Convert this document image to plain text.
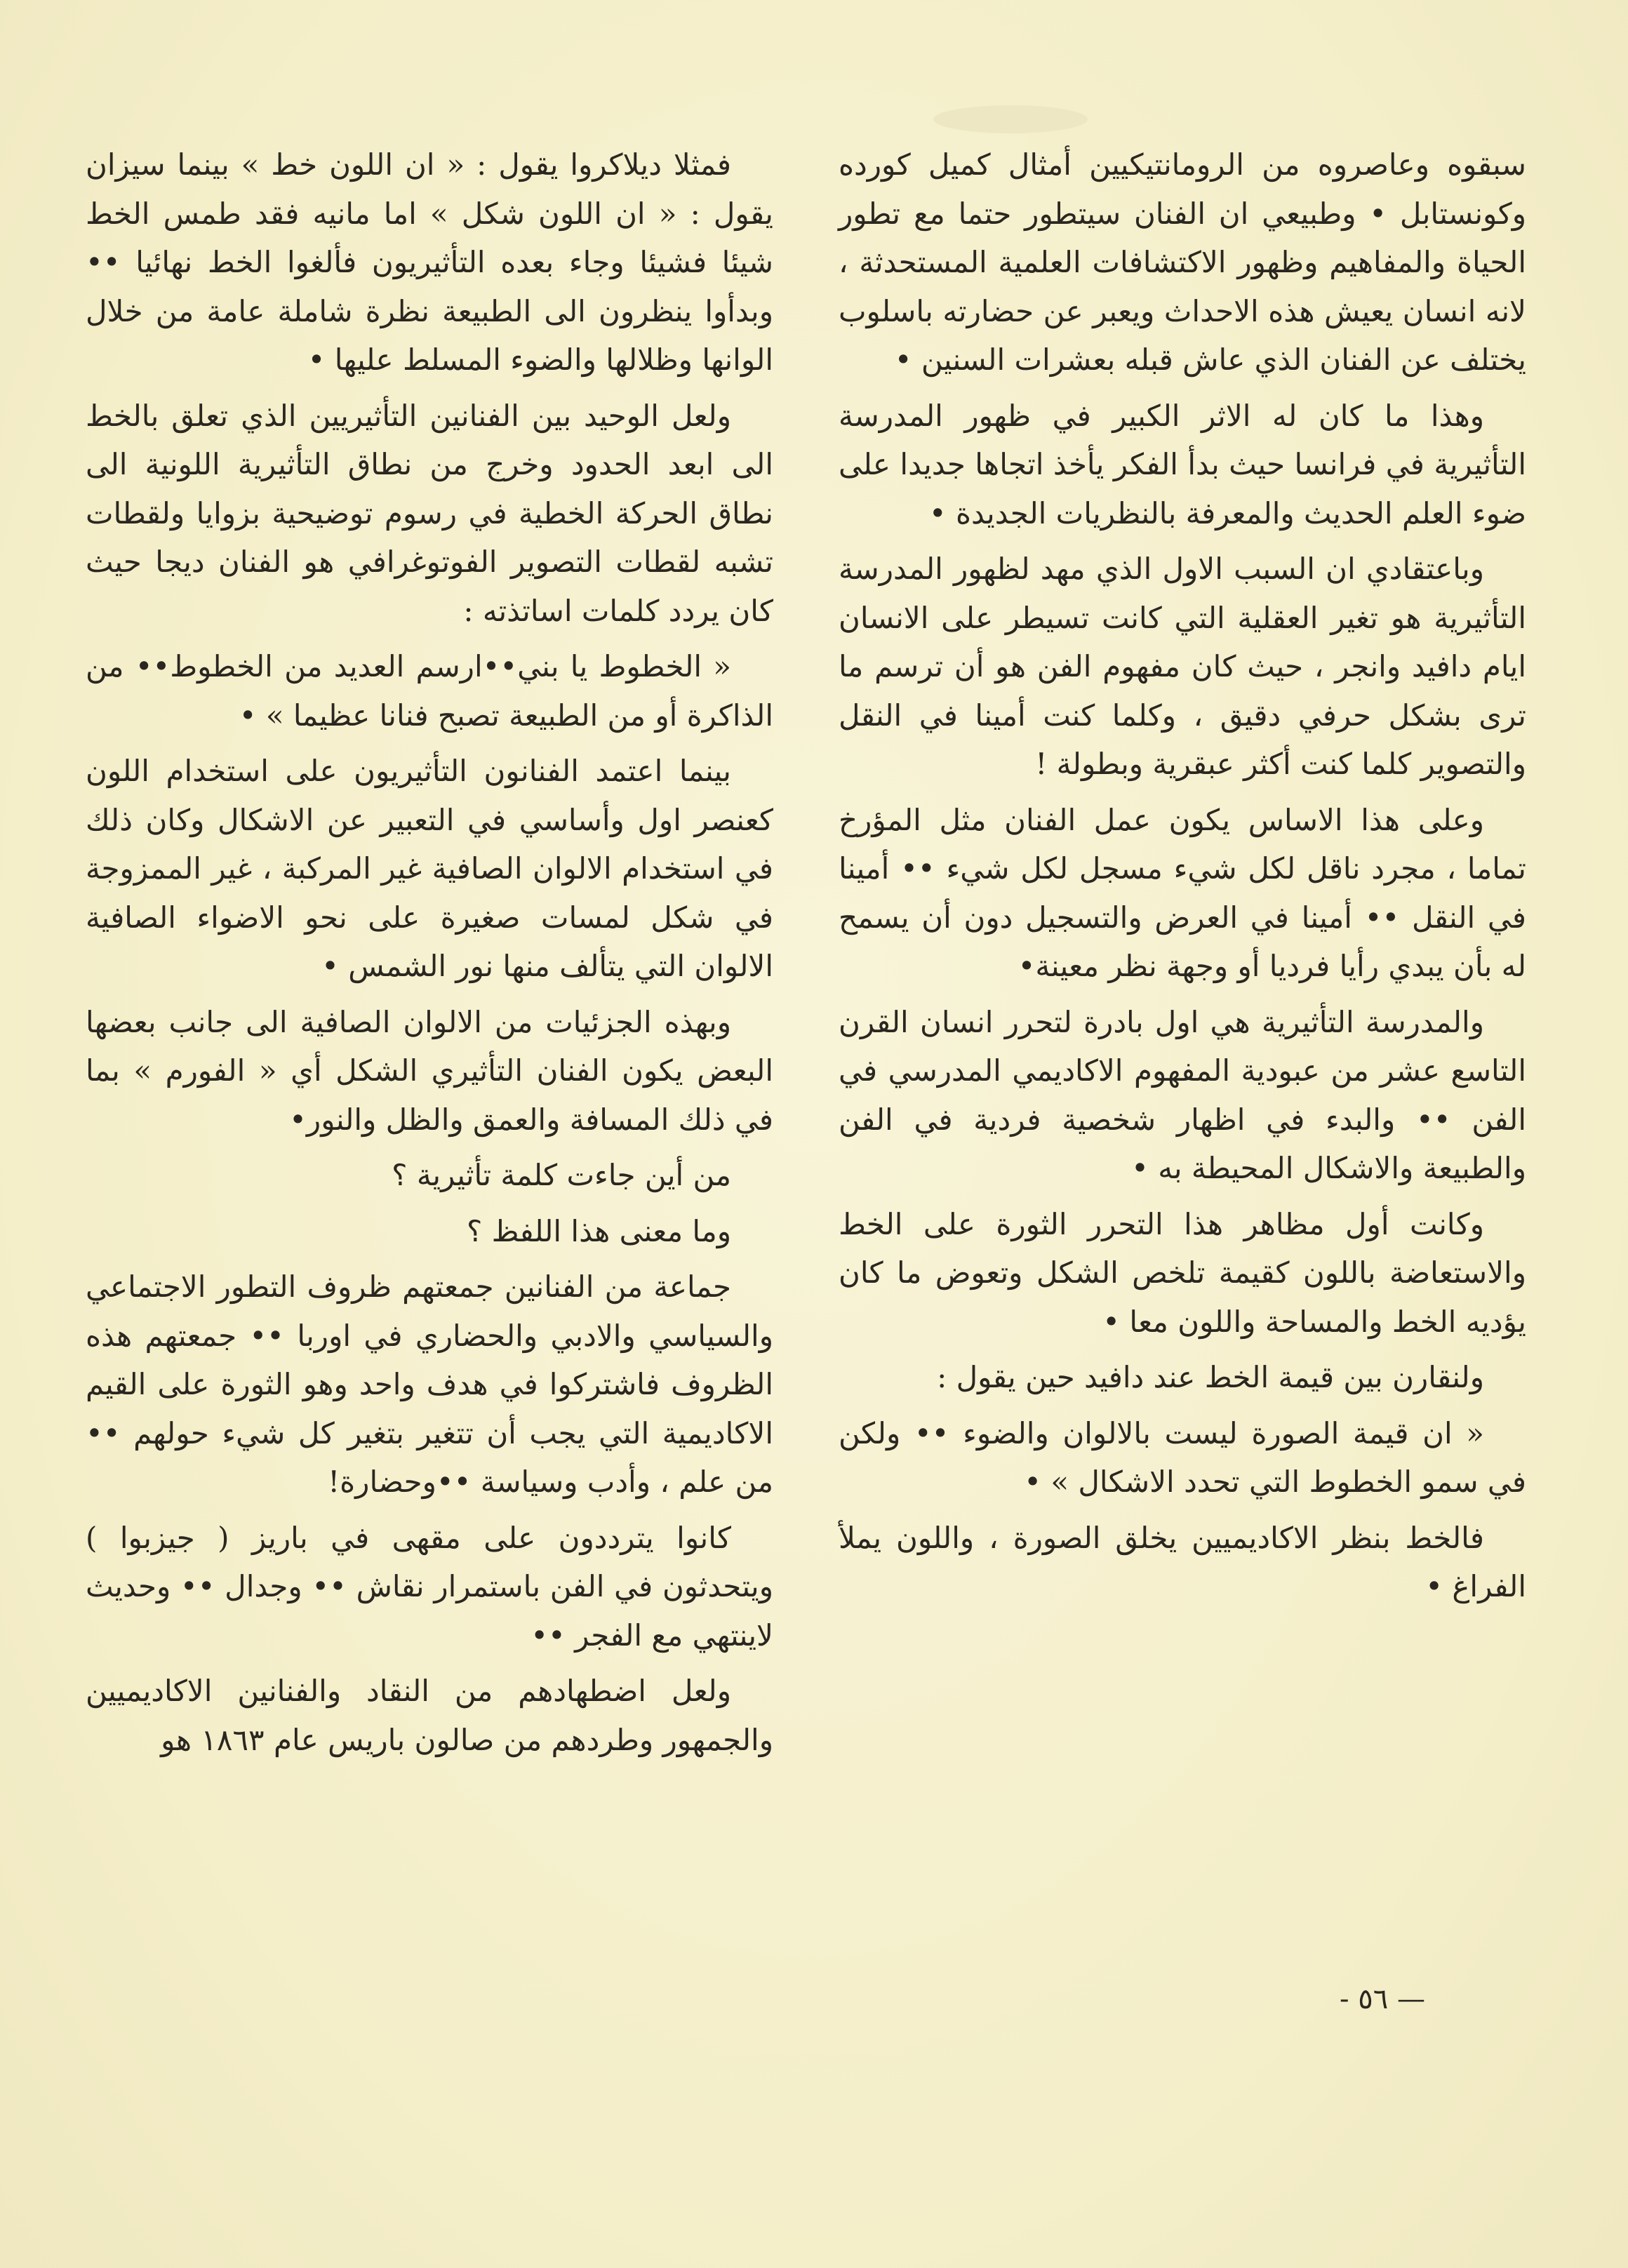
سبقوه وعاصروه من الرومانتيكيين أمثال كميل كورده وكونستابل • وطبيعي ان الفنان سيتطور حتما مع تطور الحياة والمفاهيم وظهور الاكتشافات العلمية المستحدثة ، لانه انسان يعيش هذه الاحداث ويعبر عن حضارته باسلوب يختلف عن الفنان الذي عاش قبله بعشرات السنين •

وهذا ما كان له الاثر الكبير في ظهور المدرسة التأثيرية في فرانسا حيث بدأ الفكر يأخذ اتجاها جديدا على ضوء العلم الحديث والمعرفة بالنظريات الجديدة •

وباعتقادي ان السبب الاول الذي مهد لظهور المدرسة التأثيرية هو تغير العقلية التي كانت تسيطر على الانسان ايام دافيد وانجر ، حيث كان مفهوم الفن هو أن ترسم ما ترى بشكل حرفي دقيق ، وكلما كنت أمينا في النقل والتصوير كلما كنت أكثر عبقرية وبطولة !

وعلى هذا الاساس يكون عمل الفنان مثل المؤرخ تماما ، مجرد ناقل لكل شيء مسجل لكل شيء •• أمينا في النقل •• أمينا في العرض والتسجيل دون أن يسمح له بأن يبدي رأيا فرديا أو وجهة نظر معينة•

والمدرسة التأثيرية هي اول بادرة لتحرر انسان القرن التاسع عشر من عبودية المفهوم الاكاديمي المدرسي في الفن •• والبدء في اظهار شخصية فردية في الفن والطبيعة والاشكال المحيطة به •

وكانت أول مظاهر هذا التحرر الثورة على الخط والاستعاضة باللون كقيمة تلخص الشكل وتعوض ما كان يؤديه الخط والمساحة واللون معا •

ولنقارن بين قيمة الخط عند دافيد حين يقول :

« ان قيمة الصورة ليست بالالوان والضوء •• ولكن في سمو الخطوط التي تحدد الاشكال » •

فالخط بنظر الاكاديميين يخلق الصورة ، واللون يملأ الفراغ •

فمثلا ديلاكروا يقول : « ان اللون خط » بينما سيزان يقول : « ان اللون شكل » اما مانيه فقد طمس الخط شيئا فشيئا وجاء بعده التأثيريون فألغوا الخط نهائيا •• وبدأوا ينظرون الى الطبيعة نظرة شاملة عامة من خلال الوانها وظلالها والضوء المسلط عليها •

ولعل الوحيد بين الفنانين التأثيريين الذي تعلق بالخط الى ابعد الحدود وخرج من نطاق التأثيرية اللونية الى نطاق الحركة الخطية في رسوم توضيحية بزوايا ولقطات تشبه لقطات التصوير الفوتوغرافي هو الفنان ديجا حيث كان يردد كلمات اساتذته :

« الخطوط يا بني••ارسم العديد من الخطوط•• من الذاكرة أو من الطبيعة تصبح فنانا عظيما » •

بينما اعتمد الفنانون التأثيريون على استخدام اللون كعنصر اول وأساسي في التعبير عن الاشكال وكان ذلك في استخدام الالوان الصافية غير المركبة ، غير الممزوجة في شكل لمسات صغيرة على نحو الاضواء الصافية الالوان التي يتألف منها نور الشمس •

وبهذه الجزئيات من الالوان الصافية الى جانب بعضها البعض يكون الفنان التأثيري الشكل أي « الفورم » بما في ذلك المسافة والعمق والظل والنور•

من أين جاءت كلمة تأثيرية ؟

وما معنى هذا اللفظ ؟

جماعة من الفنانين جمعتهم ظروف التطور الاجتماعي والسياسي والادبي والحضاري في اوربا •• جمعتهم هذه الظروف فاشتركوا في هدف واحد وهو الثورة على القيم الاكاديمية التي يجب أن تتغير بتغير كل شيء حولهم •• من علم ، وأدب وسياسة ••وحضارة!

كانوا يترددون على مقهى في باريز ( جيزبوا ) ويتحدثون في الفن باستمرار نقاش •• وجدال •• وحديث لاينتهي مع الفجر ••

ولعل اضطهادهم من النقاد والفنانين الاكاديميين والجمهور وطردهم من صالون باريس عام ١٨٦٣ هو

— ٥٦ -
